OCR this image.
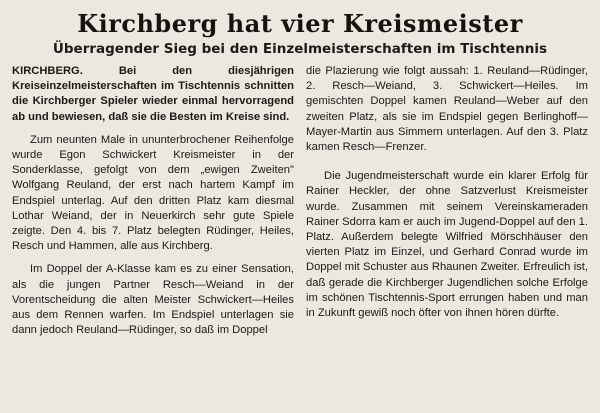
Kirchberg hat vier Kreismeister
Überragender Sieg bei den Einzelmeisterschaften im Tischtennis

KIRCHBERG. Bei den diesjährigen Kreiseinzelmeisterschaften im Tischtennis schnitten die Kirchberger Spieler wieder einmal hervorragend ab und bewiesen, daß sie die Besten im Kreise sind.

Zum neunten Male in ununterbrochener Reihenfolge wurde Egon Schwickert Kreismeister in der Sonderklasse, gefolgt von dem „ewigen Zweiten" Wolfgang Reuland, der erst nach hartem Kampf im Endspiel unterlag. Auf den dritten Platz kam diesmal Lothar Weiand, der in Neuerkirch sehr gute Spiele zeigte. Den 4. bis 7. Platz belegten Rüdinger, Heiles, Resch und Hammen, alle aus Kirchberg.

Im Doppel der A-Klasse kam es zu einer Sensation, als die jungen Partner Resch—Weiand in der Vorentscheidung die alten Meister Schwickert—Heiles aus dem Rennen warfen. Im Endspiel unterlagen sie dann jedoch Reuland—Rüdinger, so daß im Doppel

die Plazierung wie folgt aussah: 1. Reuland—Rüdinger, 2. Resch—Weiand, 3. Schwickert—Heiles. Im gemischten Doppel kamen Reuland—Weber auf den zweiten Platz, als sie im Endspiel gegen Berlinghoff—Mayer-Martin aus Simmern unterlagen. Auf den 3. Platz kamen Resch—Frenzer.

Die Jugendmeisterschaft wurde ein klarer Erfolg für Rainer Heckler, der ohne Satzverlust Kreismeister wurde. Zusammen mit seinem Vereinskameraden Rainer Sdorra kam er auch im Jugend-Doppel auf den 1. Platz. Außerdem belegte Wilfried Mörschhäuser den vierten Platz im Einzel, und Gerhard Conrad wurde im Doppel mit Schuster aus Rhaunen Zweiter. Erfreulich ist, daß gerade die Kirchberger Jugendlichen solche Erfolge im schönen Tischtennis-Sport errungen haben und man in Zukunft gewiß noch öfter von ihnen hören dürfte.
